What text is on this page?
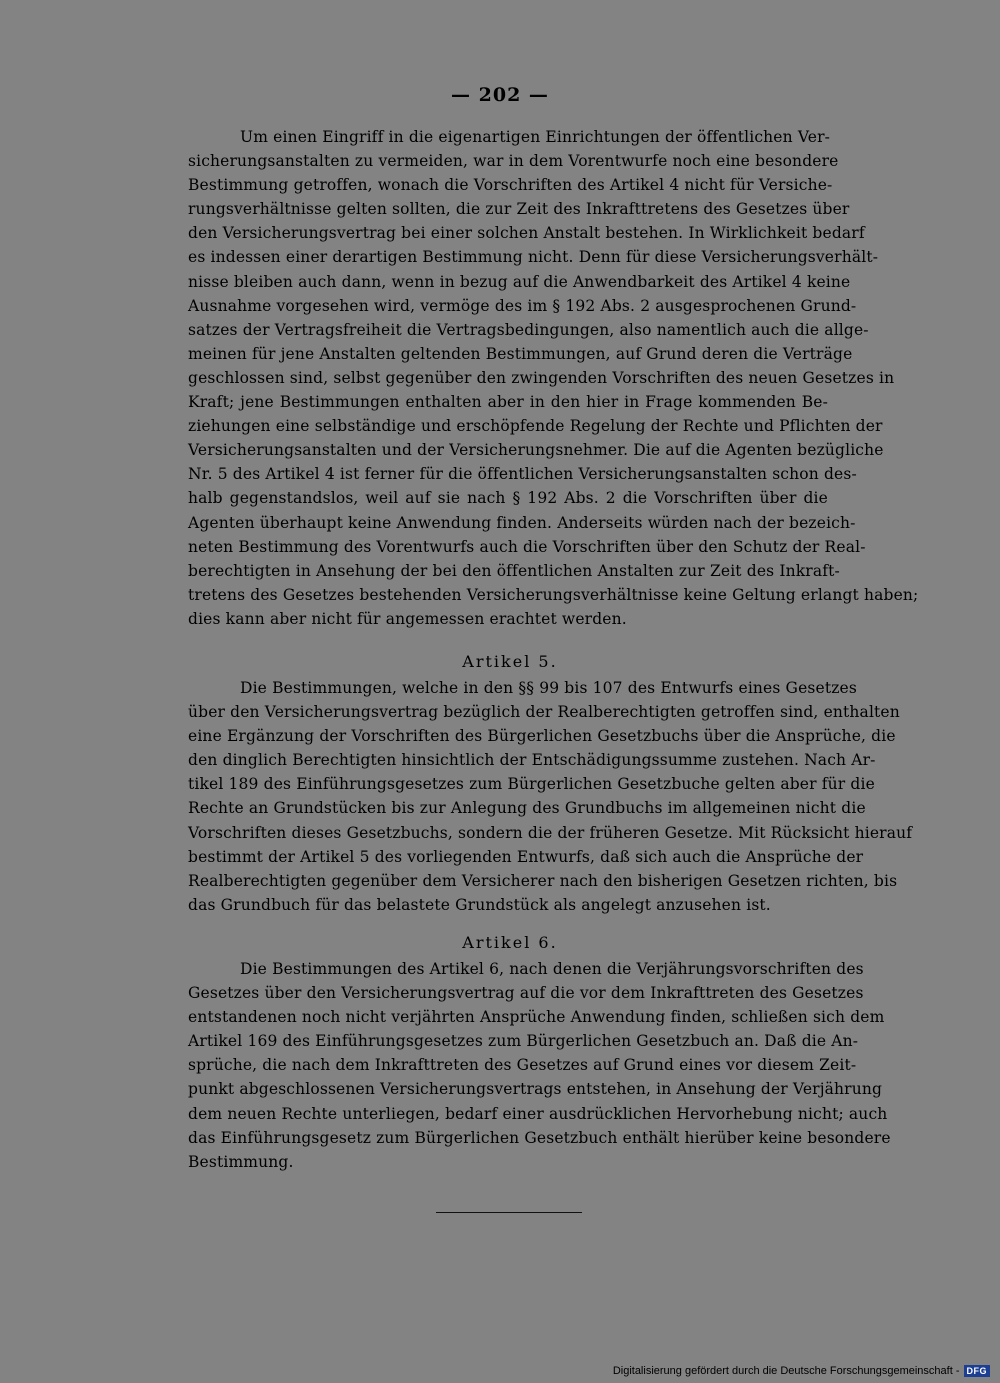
— 202 —
Um einen Eingriff in die eigenartigen Einrichtungen der öffentlichen Ver-
sicherungsanstalten zu vermeiden, war in dem Vorentwurfe noch eine besondere
Bestimmung getroffen, wonach die Vorschriften des Artikel 4 nicht für Versiche-
rungsverhältnisse gelten sollten, die zur Zeit des Inkrafttretens des Gesetzes über
den Versicherungsvertrag bei einer solchen Anstalt bestehen. In Wirklichkeit bedarf
es indessen einer derartigen Bestimmung nicht. Denn für diese Versicherungsverhält-
nisse bleiben auch dann, wenn in bezug auf die Anwendbarkeit des Artikel 4 keine
Ausnahme vorgesehen wird, vermöge des im § 192 Abs. 2 ausgesprochenen Grund-
satzes der Vertragsfreiheit die Vertragsbedingungen, also namentlich auch die allge-
meinen für jene Anstalten geltenden Bestimmungen, auf Grund deren die Verträge
geschlossen sind, selbst gegenüber den zwingenden Vorschriften des neuen Gesetzes in
Kraft; jene Bestimmungen enthalten aber in den hier in Frage kommenden Be-
ziehungen eine selbständige und erschöpfende Regelung der Rechte und Pflichten der
Versicherungsanstalten und der Versicherungsnehmer. Die auf die Agenten bezügliche
Nr. 5 des Artikel 4 ist ferner für die öffentlichen Versicherungsanstalten schon des-
halb gegenstandslos, weil auf sie nach § 192 Abs. 2 die Vorschriften über die
Agenten überhaupt keine Anwendung finden. Anderseits würden nach der bezeich-
neten Bestimmung des Vorentwurfs auch die Vorschriften über den Schutz der Real-
berechtigten in Ansehung der bei den öffentlichen Anstalten zur Zeit des Inkraft-
tretens des Gesetzes bestehenden Versicherungsverhältnisse keine Geltung erlangt haben;
dies kann aber nicht für angemessen erachtet werden.
Artikel 5.
Die Bestimmungen, welche in den §§ 99 bis 107 des Entwurfs eines Gesetzes
über den Versicherungsvertrag bezüglich der Realberechtigten getroffen sind, enthalten
eine Ergänzung der Vorschriften des Bürgerlichen Gesetzbuchs über die Ansprüche, die
den dinglich Berechtigten hinsichtlich der Entschädigungssumme zustehen. Nach Ar-
tikel 189 des Einführungsgesetzes zum Bürgerlichen Gesetzbuche gelten aber für die
Rechte an Grundstücken bis zur Anlegung des Grundbuchs im allgemeinen nicht die
Vorschriften dieses Gesetzbuchs, sondern die der früheren Gesetze. Mit Rücksicht hierauf
bestimmt der Artikel 5 des vorliegenden Entwurfs, daß sich auch die Ansprüche der
Realberechtigten gegenüber dem Versicherer nach den bisherigen Gesetzen richten, bis
das Grundbuch für das belastete Grundstück als angelegt anzusehen ist.
Artikel 6.
Die Bestimmungen des Artikel 6, nach denen die Verjährungsvorschriften des
Gesetzes über den Versicherungsvertrag auf die vor dem Inkrafttreten des Gesetzes
entstandenen noch nicht verjährten Ansprüche Anwendung finden, schließen sich dem
Artikel 169 des Einführungsgesetzes zum Bürgerlichen Gesetzbuch an. Daß die An-
sprüche, die nach dem Inkrafttreten des Gesetzes auf Grund eines vor diesem Zeit-
punkt abgeschlossenen Versicherungsvertrags entstehen, in Ansehung der Verjährung
dem neuen Rechte unterliegen, bedarf einer ausdrücklichen Hervorhebung nicht; auch
das Einführungsgesetz zum Bürgerlichen Gesetzbuch enthält hierüber keine besondere
Bestimmung.
Digitalisierung gefördert durch die Deutsche Forschungsgemeinschaft - DFG
